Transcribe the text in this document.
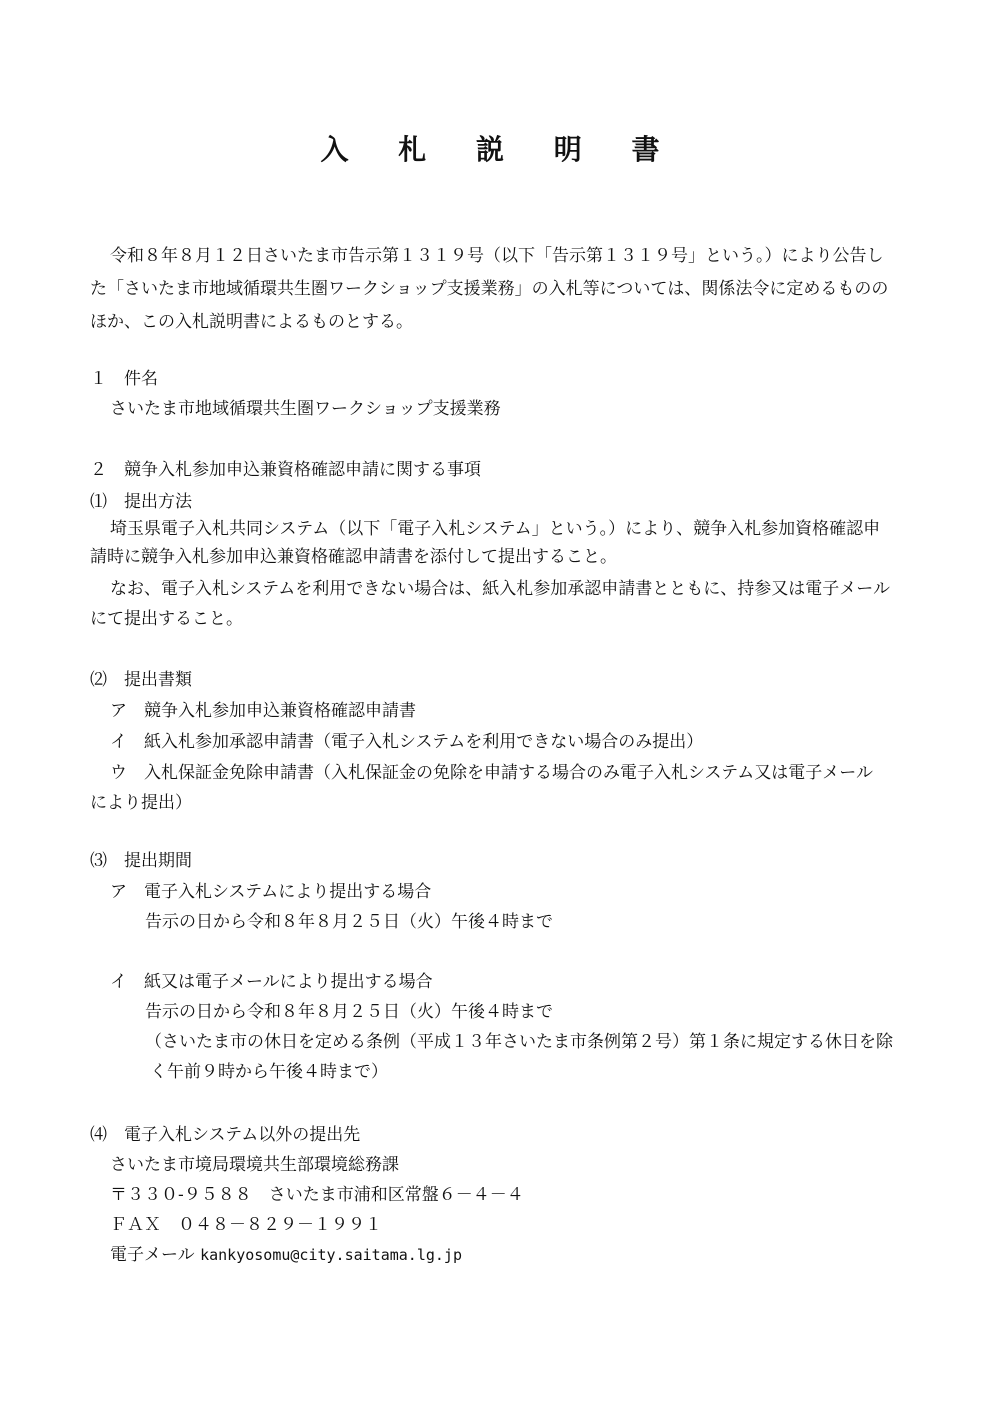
入 札 説 明 書
令和８年８月１２日さいたま市告示第１３１９号（以下「告示第１３１９号」という。）により公告し
た「さいたま市地域循環共生圏ワークショップ支援業務」の入札等については、関係法令に定めるものの
ほか、この入札説明書によるものとする。
１　件名
さいたま市地域循環共生圏ワークショップ支援業務
２　競争入札参加申込兼資格確認申請に関する事項
⑴　提出方法
埼玉県電子入札共同システム（以下「電子入札システム」という。）により、競争入札参加資格確認申
請時に競争入札参加申込兼資格確認申請書を添付して提出すること。
なお、電子入札システムを利用できない場合は、紙入札参加承認申請書とともに、持参又は電子メール
にて提出すること。
⑵　提出書類
ア　競争入札参加申込兼資格確認申請書
イ　紙入札参加承認申請書（電子入札システムを利用できない場合のみ提出）
ウ　入札保証金免除申請書（入札保証金の免除を申請する場合のみ電子入札システム又は電子メール
により提出）
⑶　提出期間
ア　電子入札システムにより提出する場合
告示の日から令和８年８月２５日（火）午後４時まで
イ　紙又は電子メールにより提出する場合
告示の日から令和８年８月２５日（火）午後４時まで
（さいたま市の休日を定める条例（平成１３年さいたま市条例第２号）第１条に規定する休日を除
く午前９時から午後４時まで）
⑷　電子入札システム以外の提出先
さいたま市境局環境共生部環境総務課
〒３３０-９５８８　さいたま市浦和区常盤６－４－４
ＦＡＸ　０４８－８２９－１９９１
電子メール kankyosomu@city.saitama.lg.jp
